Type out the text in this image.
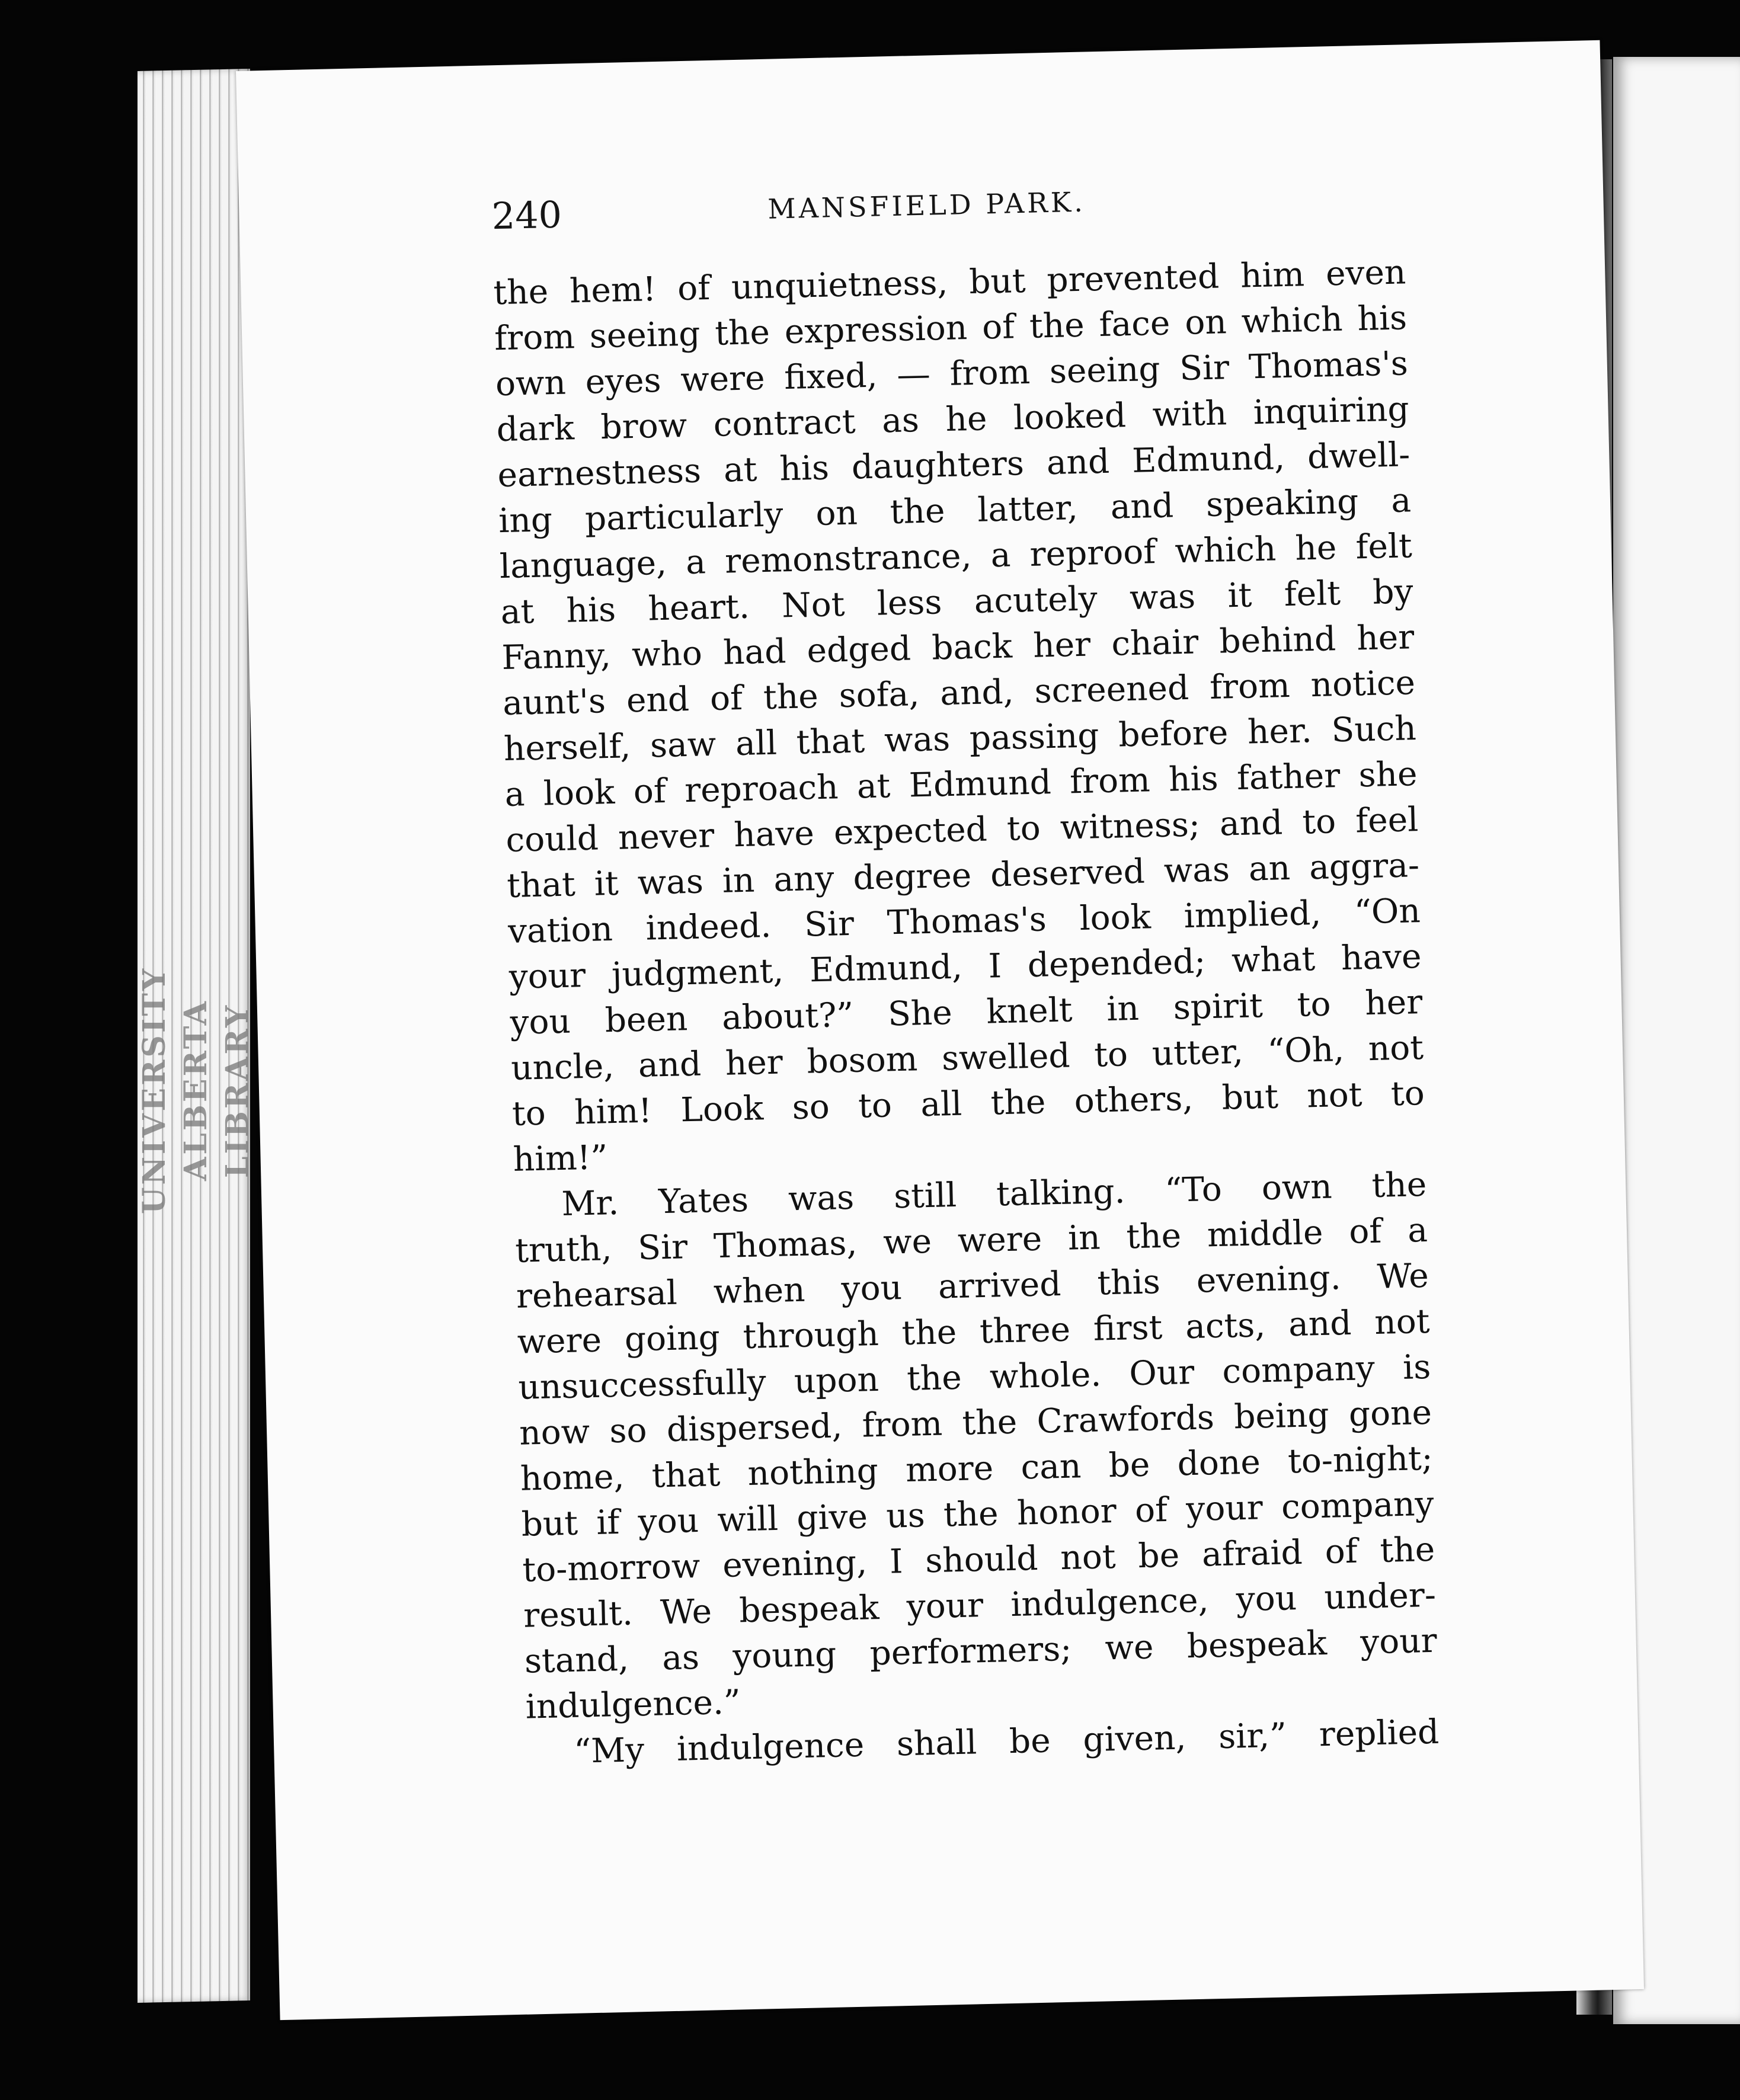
UNIVERSITY ALBERTA LIBRARY
240	MANSFIELD PARK.
the hem! of unquietness, but prevented him even
from seeing the expression of the face on which his
own eyes were fixed, — from seeing Sir Thomas's
dark brow contract as he looked with inquiring
earnestness at his daughters and Edmund, dwell-
ing particularly on the latter, and speaking a
language, a remonstrance, a reproof which he felt
at his heart. Not less acutely was it felt by
Fanny, who had edged back her chair behind her
aunt's end of the sofa, and, screened from notice
herself, saw all that was passing before her. Such
a look of reproach at Edmund from his father she
could never have expected to witness; and to feel
that it was in any degree deserved was an aggra-
vation indeed. Sir Thomas's look implied, “On
your judgment, Edmund, I depended; what have
you been about?” She knelt in spirit to her
uncle, and her bosom swelled to utter, “Oh, not
to him! Look so to all the others, but not to
him!”
Mr. Yates was still talking. “To own the
truth, Sir Thomas, we were in the middle of a
rehearsal when you arrived this evening. We
were going through the three first acts, and not
unsuccessfully upon the whole. Our company is
now so dispersed, from the Crawfords being gone
home, that nothing more can be done to-night;
but if you will give us the honor of your company
to-morrow evening, I should not be afraid of the
result. We bespeak your indulgence, you under-
stand, as young performers; we bespeak your
indulgence.”
“My indulgence shall be given, sir,” replied
